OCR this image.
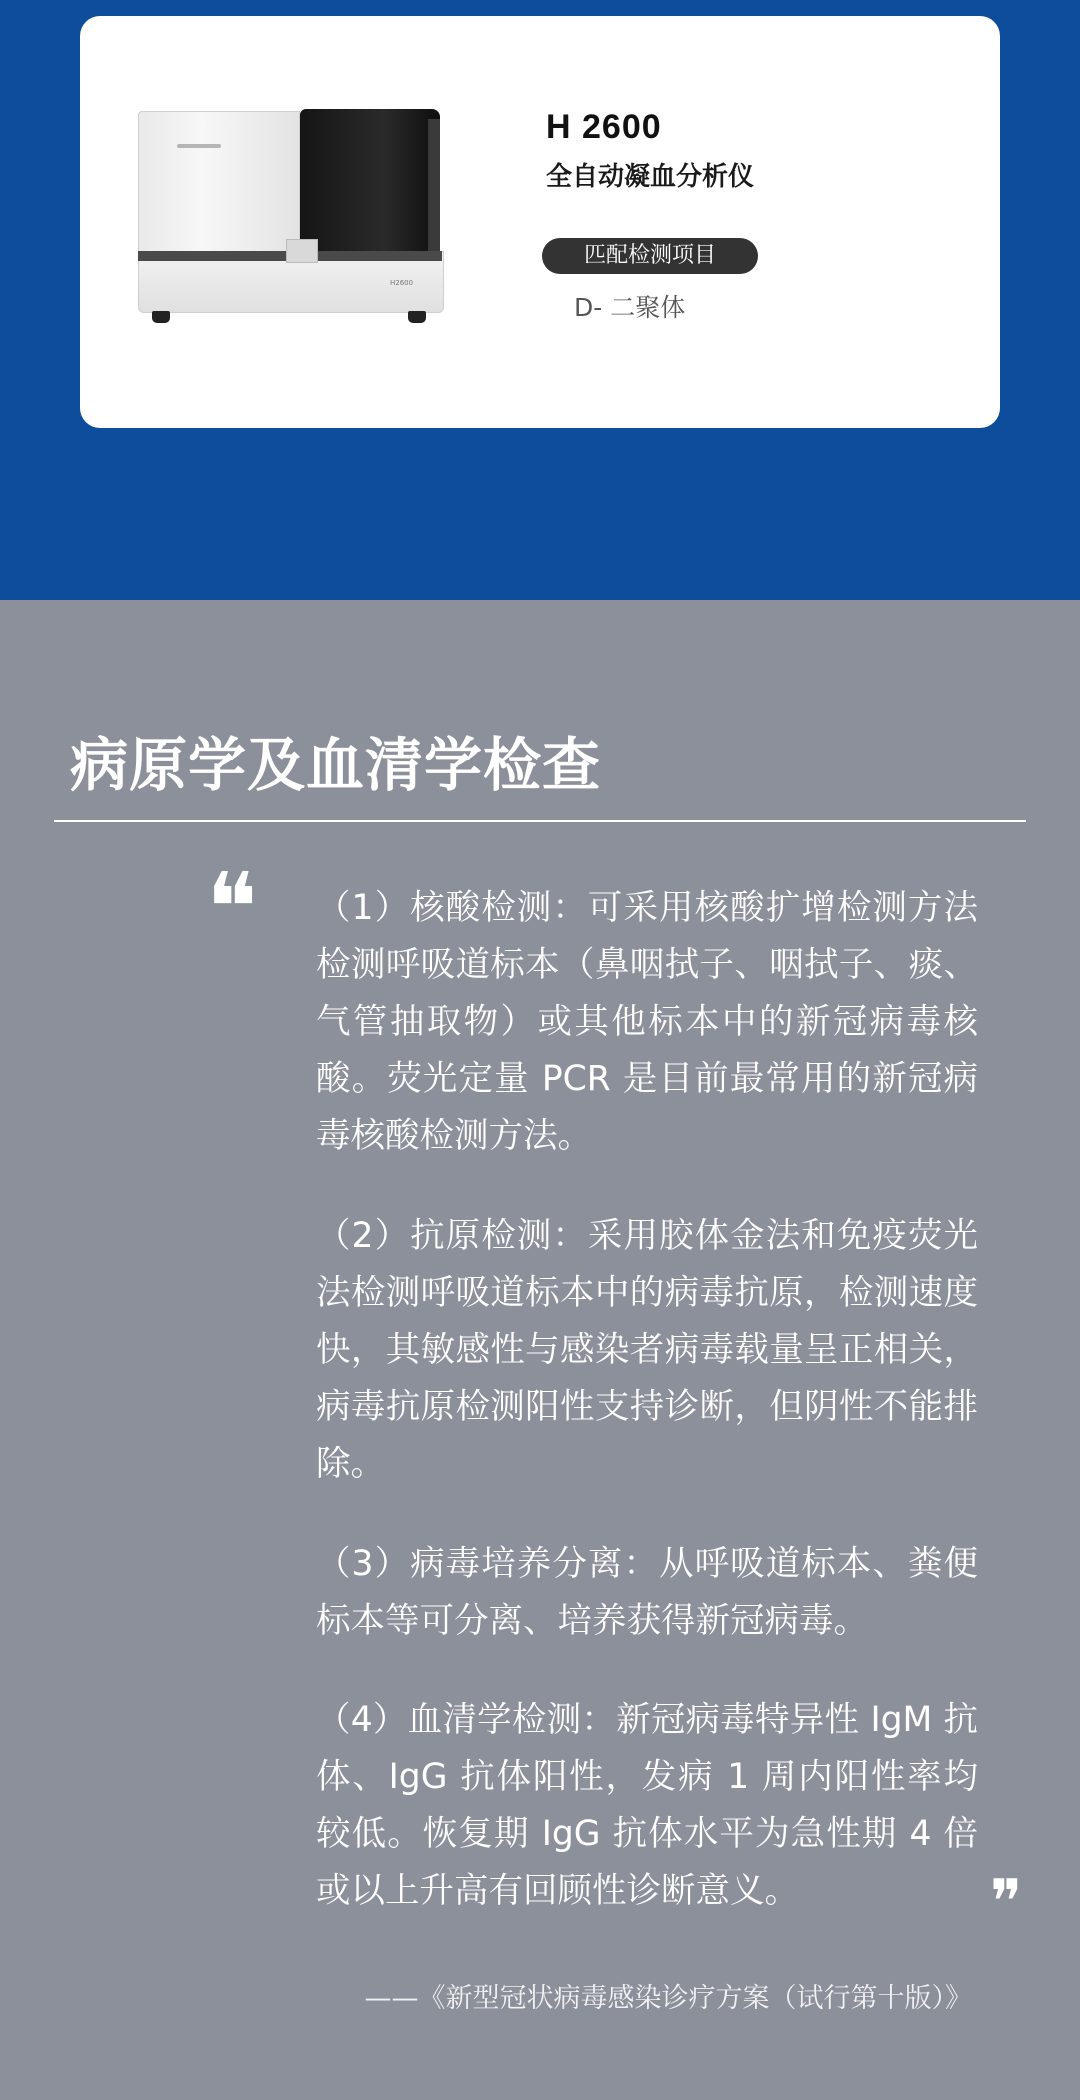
H2600
H 2600
全自动凝血分析仪
匹配检测项目
D- 二聚体
病原学及血清学检查
❝ （1）核酸检测：可采用核酸扩增检测方法检测呼吸道标本（鼻咽拭子、咽拭子、痰、气管抽取物）或其他标本中的新冠病毒核酸。荧光定量 PCR 是目前最常用的新冠病毒核酸检测方法。
（2）抗原检测：采用胶体金法和免疫荧光法检测呼吸道标本中的病毒抗原，检测速度快，其敏感性与感染者病毒载量呈正相关，病毒抗原检测阳性支持诊断，但阴性不能排除。
（3）病毒培养分离：从呼吸道标本、粪便标本等可分离、培养获得新冠病毒。
（4）血清学检测：新冠病毒特异性 IgM 抗体、IgG 抗体阳性，发病 1 周内阳性率均较低。恢复期 IgG 抗体水平为急性期 4 倍或以上升高有回顾性诊断意义。	❞
——《新型冠状病毒感染诊疗方案（试行第十版）》
